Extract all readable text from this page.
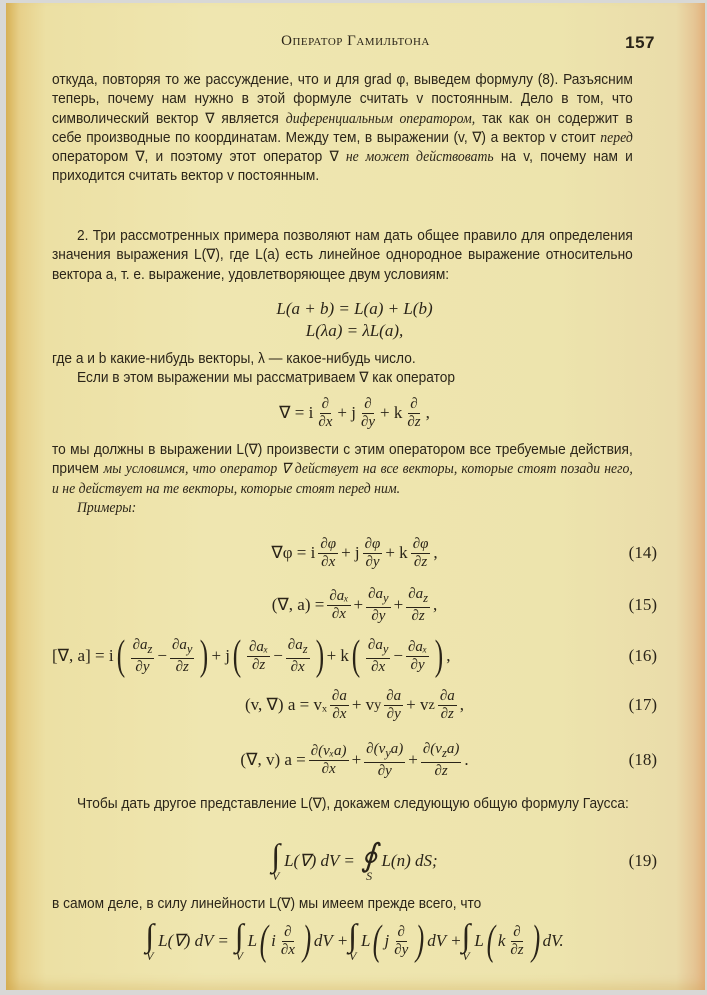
Оператор Гамильтона	157

откуда, повторяя то же рассуждение, что и для grad φ, выведем формулу (8). Разъясним теперь, почему нам нужно в этой формуле считать v постоянным. Дело в том, что символический вектор ∇ является диференциальным оператором, так как он содержит в себе производные по координатам. Между тем, в выражении (v, ∇) a вектор v стоит перед оператором ∇, и поэтому этот оператор ∇ не может действовать на v, почему нам и приходится считать вектор v постоянным.

2. Три рассмотренных примера позволяют нам дать общее правило для определения значения выражения L(∇), где L(a) есть линейное однородное выражение относительно вектора a, т. е. выражение, удовлетворяющее двум условиям:

L(a + b) = L(a) + L(b)
L(λa) = λL(a),

где a и b какие-нибудь векторы, λ — какое-нибудь число.

Если в этом выражении мы рассматриваем ∇ как оператор

∇ = i $\frac{\partial}{\partial x} + j \frac{\partial}{\partial y} + k \frac{\partial}{\partial z}$ ,

то мы должны в выражении L(∇) произвести с этим оператором все требуемые действия, причем мы условимся, что оператор ∇ действует на все векторы, которые стоят позади него, и не действует на те векторы, которые стоят перед ним.

Примеры:

∇φ = i $\frac{\partial\varphi}{\partial x} + j \frac{\partial\varphi}{\partial y} + k \frac{\partial\varphi}{\partial z}$ ,	(14)
(∇, $a) = \frac{\text{∂aₓ}}{\partial x} + \frac{\partial a_y}{\partial y} + \frac{\partial a_z}{\partial z}$ ,	(15)
[∇, a] = i ( $\frac{\partial a_z}{\partial y} - \frac{\partial a_y}{\partial z}$ ) + j ( $\frac{\text{∂aₓ}}{\partial z} - \frac{\partial a_z}{\partial x}$ ) + k ( $\frac{\partial a_y}{\partial x} - \frac{\text{∂aₓ}}{\partial y}$ ) ,	(16)
(v, ∇) a = vₓ $\frac{\partial a}{\partial x} + v$ y $\frac{\partial a}{\partial y} + v$ z $\frac{\partial a}{\partial z}$ ,	(17)
(∇, v) $a = \frac{\text{∂(vₓa)}}{\partial x} + \frac{\partial(v_ya)}{\partial y} + \frac{\partial(v_za)}{\partial z}$ .	(18)

Чтобы дать другое представление L(∇), докажем следующую общую формулу Гаусса:

∫
V
L(∇) dV = ∮
S
L(n) dS;	(19)

в самом деле, в силу линейности L(∇) мы имеем прежде всего, что

∫
V
L(∇) dV = ∫
V
L ( i $\frac{\partial}{\partial x}$ ) dV + ∫
V
L ( j $\frac{\partial}{\partial y}$ ) dV + ∫
V
L ( k $\frac{\partial}{\partial z}$ ) dV.
